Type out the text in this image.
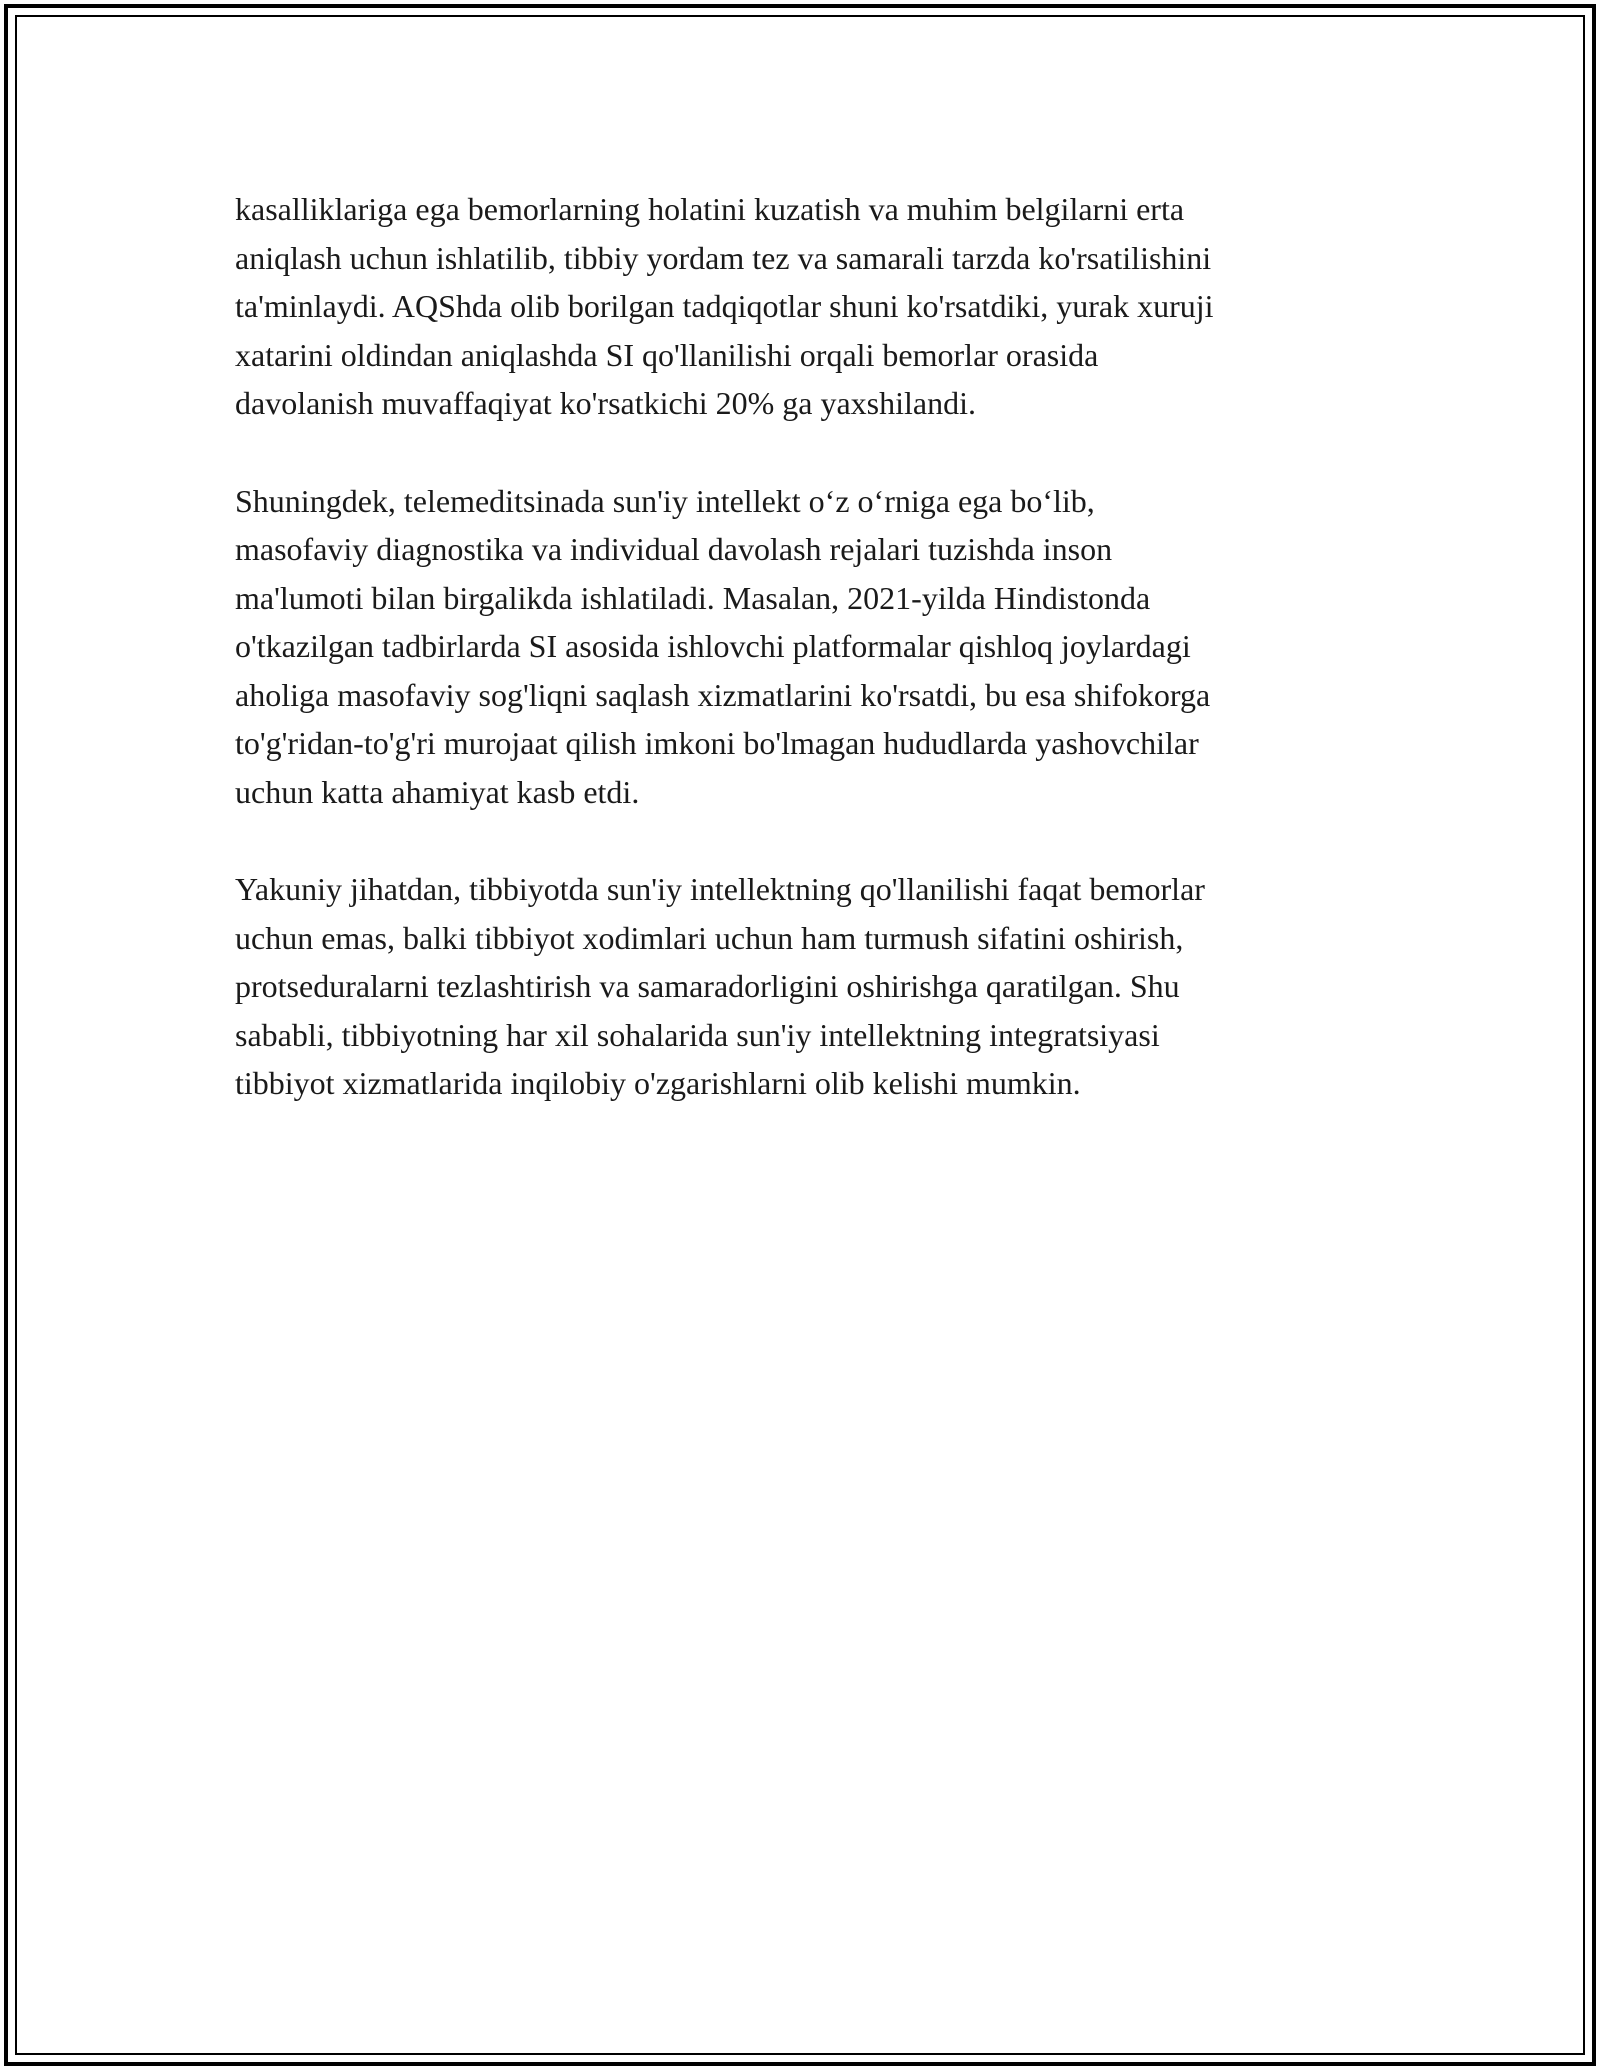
kasalliklariga ega bemorlarning holatini kuzatish va muhim belgilarni erta
aniqlash uchun ishlatilib, tibbiy yordam tez va samarali tarzda ko'rsatilishini
ta'minlaydi. AQShda olib borilgan tadqiqotlar shuni ko'rsatdiki, yurak xuruji
xatarini oldindan aniqlashda SI qo'llanilishi orqali bemorlar orasida
davolanish muvaffaqiyat ko'rsatkichi 20% ga yaxshilandi.

Shuningdek, telemeditsinada sun'iy intellekt oʻz oʻrniga ega boʻlib,
masofaviy diagnostika va individual davolash rejalari tuzishda inson
ma'lumoti bilan birgalikda ishlatiladi. Masalan, 2021-yilda Hindistonda
o'tkazilgan tadbirlarda SI asosida ishlovchi platformalar qishloq joylardagi
aholiga masofaviy sog'liqni saqlash xizmatlarini ko'rsatdi, bu esa shifokorga
to'g'ridan-to'g'ri murojaat qilish imkoni bo'lmagan hududlarda yashovchilar
uchun katta ahamiyat kasb etdi.

Yakuniy jihatdan, tibbiyotda sun'iy intellektning qo'llanilishi faqat bemorlar
uchun emas, balki tibbiyot xodimlari uchun ham turmush sifatini oshirish,
protseduralarni tezlashtirish va samaradorligini oshirishga qaratilgan. Shu
sababli, tibbiyotning har xil sohalarida sun'iy intellektning integratsiyasi
tibbiyot xizmatlarida inqilobiy o'zgarishlarni olib kelishi mumkin.
